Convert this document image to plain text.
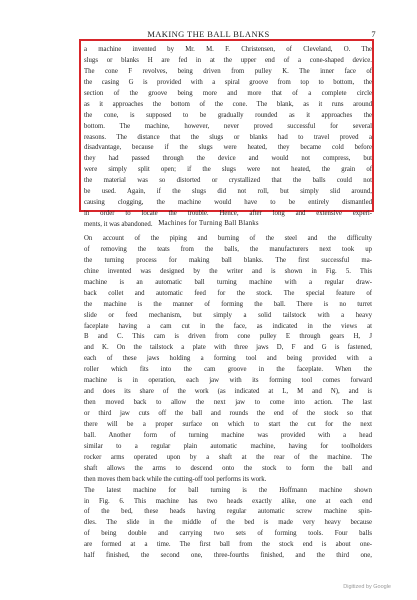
MAKING THE BALL BLANKS	7
a machine invented by Mr. M. F. Christensen, of Cleveland, O. The
slugs or blanks H are fed in at the upper end of a cone-shaped device.
The cone F revolves, being driven from pulley K. The inner face of
the casing G is provided with a spiral groove from top to bottom, the
section of the groove being more and more that of a complete circle
as it approaches the bottom of the cone. The blank, as it runs around
the cone, is supposed to be gradually rounded as it approaches the
bottom. The machine, however, never proved successful for several
reasons. The distance that the slugs or blanks had to travel proved a
disadvantage, because if the slugs were heated, they became cold before
they had passed through the device and would not compress, but
were simply split open; if the slugs were not heated, the grain of
the material was so distorted or crystallized that the balls could not
be used. Again, if the slugs did not roll, but simply slid around,
causing clogging, the machine would have to be entirely dismantled
in order to locate the trouble. Hence, after long and extensive experi-
ments, it was abandoned. Machines for Turning Ball Blanks
On account of the piping and burning of the steel and the difficulty
of removing the teats from the balls, the manufacturers next took up
the turning process for making ball blanks. The first successful ma-
chine invented was designed by the writer and is shown in Fig. 5. This
machine is an automatic ball turning machine with a regular draw-
back collet and automatic feed for the stock. The special feature of
the machine is the manner of forming the ball. There is no turret
slide or feed mechanism, but simply a solid tailstock with a heavy
faceplate having a cam cut in the face, as indicated in the views at
B and C. This cam is driven from cone pulley E through gears H, J
and K. On the tailstock a plate with three jaws D, F and G is fastened,
each of these jaws holding a forming tool and being provided with a
roller which fits into the cam groove in the faceplate. When the
machine is in operation, each jaw with its forming tool comes forward
and does its share of the work (as indicated at L, M and N), and is
then moved back to allow the next jaw to come into action. The last
or third jaw cuts off the ball and rounds the end of the stock so that
there will be a proper surface on which to start the cut for the next
ball. Another form of turning machine was provided with a head
similar to a regular plain automatic machine, having for toolholders
rocker arms operated upon by a shaft at the rear of the machine. The
shaft allows the arms to descend onto the stock to form the ball and
then moves them back while the cutting-off tool performs its work.
The latest machine for ball turning is the Hoffmann machine shown
in Fig. 6. This machine has two heads exactly alike, one at each end
of the bed, these heads having regular automatic screw machine spin-
dles. The slide in the middle of the bed is made very heavy because
of being double and carrying two sets of forming tools. Four balls
are formed at a time. The first ball from the stock end is about one-
half finished, the second one, three-fourths finished, and the third one,
Digitized by Google
